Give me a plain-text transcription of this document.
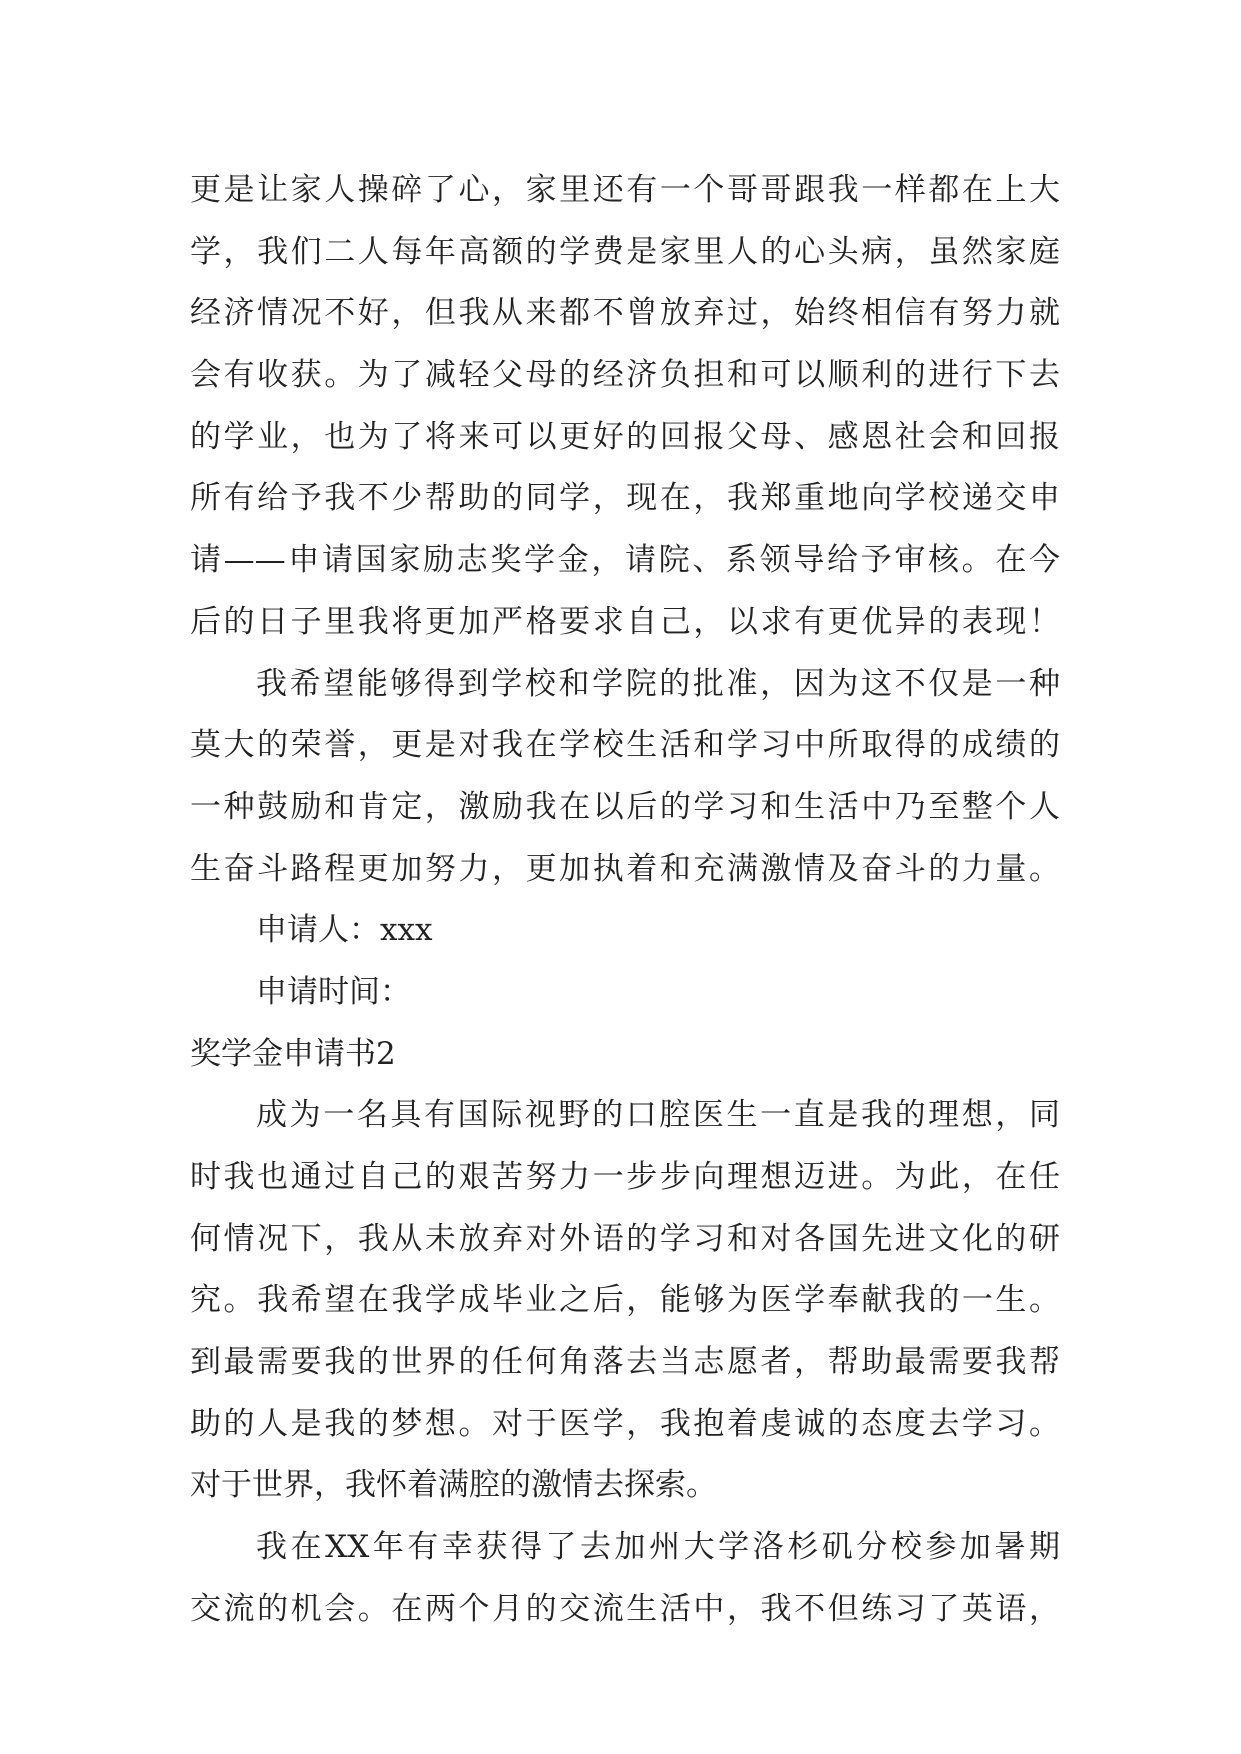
更是让家人操碎了心，家里还有一个哥哥跟我一样都在上大
学，我们二人每年高额的学费是家里人的心头病，虽然家庭
经济情况不好，但我从来都不曾放弃过，始终相信有努力就
会有收获。为了减轻父母的经济负担和可以顺利的进行下去
的学业，也为了将来可以更好的回报父母、感恩社会和回报
所有给予我不少帮助的同学，现在，我郑重地向学校递交申
请——申请国家励志奖学金，请院、系领导给予审核。在今
后的日子里我将更加严格要求自己，以求有更优异的表现！
我希望能够得到学校和学院的批准，因为这不仅是一种
莫大的荣誉，更是对我在学校生活和学习中所取得的成绩的
一种鼓励和肯定，激励我在以后的学习和生活中乃至整个人
生奋斗路程更加努力，更加执着和充满激情及奋斗的力量。
申请人：xxx
申请时间：
奖学金申请书2
成为一名具有国际视野的口腔医生一直是我的理想，同
时我也通过自己的艰苦努力一步步向理想迈进。为此，在任
何情况下，我从未放弃对外语的学习和对各国先进文化的研
究。我希望在我学成毕业之后，能够为医学奉献我的一生。
到最需要我的世界的任何角落去当志愿者，帮助最需要我帮
助的人是我的梦想。对于医学，我抱着虔诚的态度去学习。
对于世界，我怀着满腔的激情去探索。
我在XX年有幸获得了去加州大学洛杉矶分校参加暑期
交流的机会。在两个月的交流生活中，我不但练习了英语，
